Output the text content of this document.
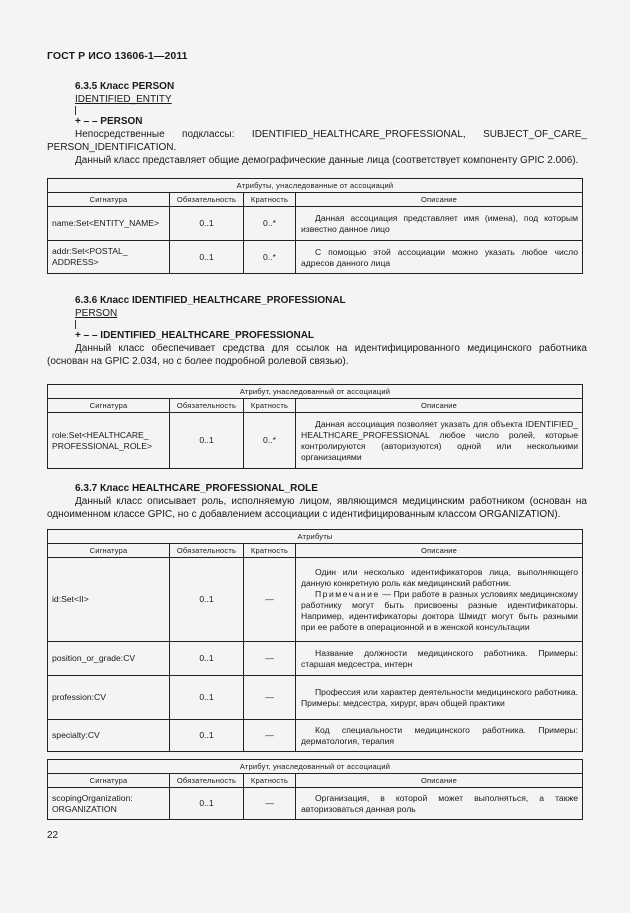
ГОСТ Р ИСО 13606-1—2011
6.3.5 Класс PERSON
IDENTIFIED_ENTITY
+ – – PERSON
Непосредственные подклассы: IDENTIFIED_HEALTHCARE_PROFESSIONAL, SUBJECT_OF_CARE_ PERSON_IDENTIFICATION.
Данный класс представляет общие демографические данные лица (соответствует компоненту GPIC 2.006).
Атрибуты, унаследованные от ассоциаций			
Сигнатура	Обязательность	Кратность	Описание
name:Set<ENTITY_NAME>	0..1	0..*	Данная ассоциация представляет имя (имена), под которым известно данное лицо

addr:Set<POSTAL_ ADDRESS>	0..1	0..*	С помощью этой ассоциации можно указать любое число адресов данного лица
6.3.6 Класс IDENTIFIED_HEALTHCARE_PROFESSIONAL
PERSON
+ – – IDENTIFIED_HEALTHCARE_PROFESSIONAL
Данный класс обеспечивает средства для ссылок на идентифицированного медицинского работника (основан на GPIC 2.034, но с более подробной ролевой связью).
Атрибут, унаследованный от ассоциаций			
Сигнатура	Обязательность	Кратность	Описание
role:Set<HEALTHCARE_ PROFESSIONAL_ROLE>	0..1	0..*	Данная ассоциация позволяет указать для объекта IDENTIFIED_ HEALTHCARE_PROFESSIONAL любое число ролей, которые контролируются (авторизуются) одной или несколькими организациями
6.3.7 Класс HEALTHCARE_PROFESSIONAL_ROLE
Данный класс описывает роль, исполняемую лицом, являющимся медицинским работником (основан на одноименном классе GPIC, но с добавлением ассоциации с идентифицированным классом ORGANIZATION).
Атрибуты			
Сигнатура	Обязательность	Кратность	Описание
id:Set<II>	0..1	—	Один или несколько идентификаторов лица, выполняющего данную конкретную роль как медицинский работник.
Примечание — При работе в разных условиях медицинскому работнику могут быть присвоены разные идентификаторы. Например, идентификаторы доктора Шмидт могут быть разными при ее работе в операционной и в женской консультации

position_or_grade:CV	0..1	—	Название должности медицинского работника. Примеры: старшая медсестра, интерн

profession:CV	0..1	—	Профессия или характер деятельности медицинского работника. Примеры: медсестра, хирург, врач общей практики

specialty:CV	0..1	—	Код специальности медицинского работника. Примеры: дерматология, терапия
Атрибут, унаследованный от ассоциаций			
Сигнатура	Обязательность	Кратность	Описание
scopingOrganization: ORGANIZATION	0..1	—	Организация, в которой может выполняться, а также авторизоваться данная роль
22
